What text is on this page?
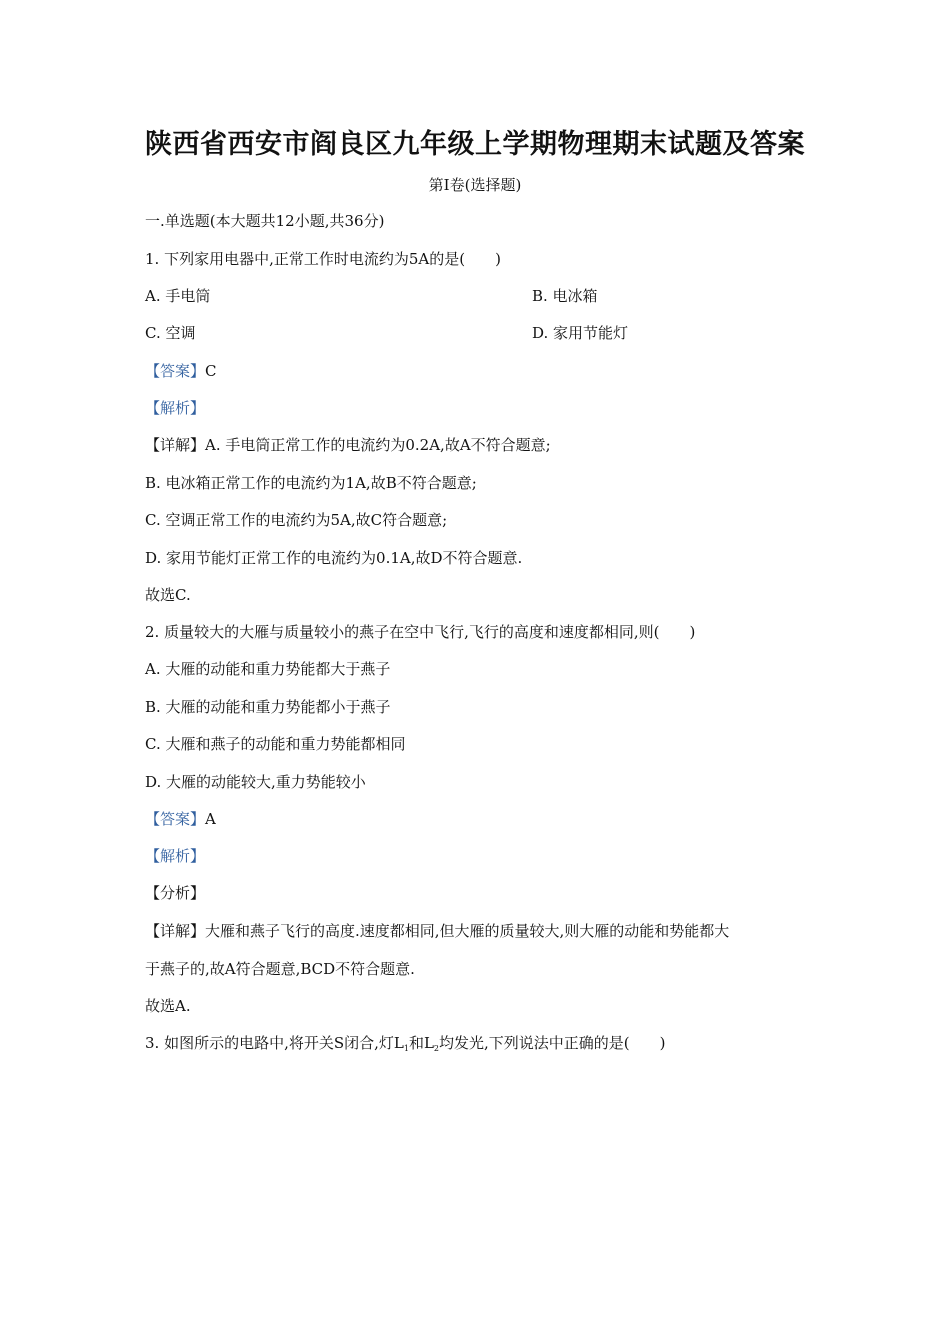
陕西省西安市阎良区九年级上学期物理期末试题及答案
第Ⅰ卷(选择题)
一.单选题(本大题共12小题,共36分)
1. 下列家用电器中,正常工作时电流约为5A的是(　　)
A. 手电筒	B. 电冰箱
C. 空调	D. 家用节能灯
【答案】C
【解析】
【详解】A. 手电筒正常工作的电流约为0.2A,故A不符合题意;
B. 电冰箱正常工作的电流约为1A,故B不符合题意;
C. 空调正常工作的电流约为5A,故C符合题意;
D. 家用节能灯正常工作的电流约为0.1A,故D不符合题意.
故选C.
2. 质量较大的大雁与质量较小的燕子在空中飞行,飞行的高度和速度都相同,则(　　)
A. 大雁的动能和重力势能都大于燕子
B. 大雁的动能和重力势能都小于燕子
C. 大雁和燕子的动能和重力势能都相同
D. 大雁的动能较大,重力势能较小
【答案】A
【解析】
【分析】
【详解】大雁和燕子飞行的高度.速度都相同,但大雁的质量较大,则大雁的动能和势能都大
于燕子的,故A符合题意,BCD不符合题意.
故选A.
3. 如图所示的电路中,将开关S闭合,灯$L_1$和$L_2$均发光,下列说法中正确的是(　　)
